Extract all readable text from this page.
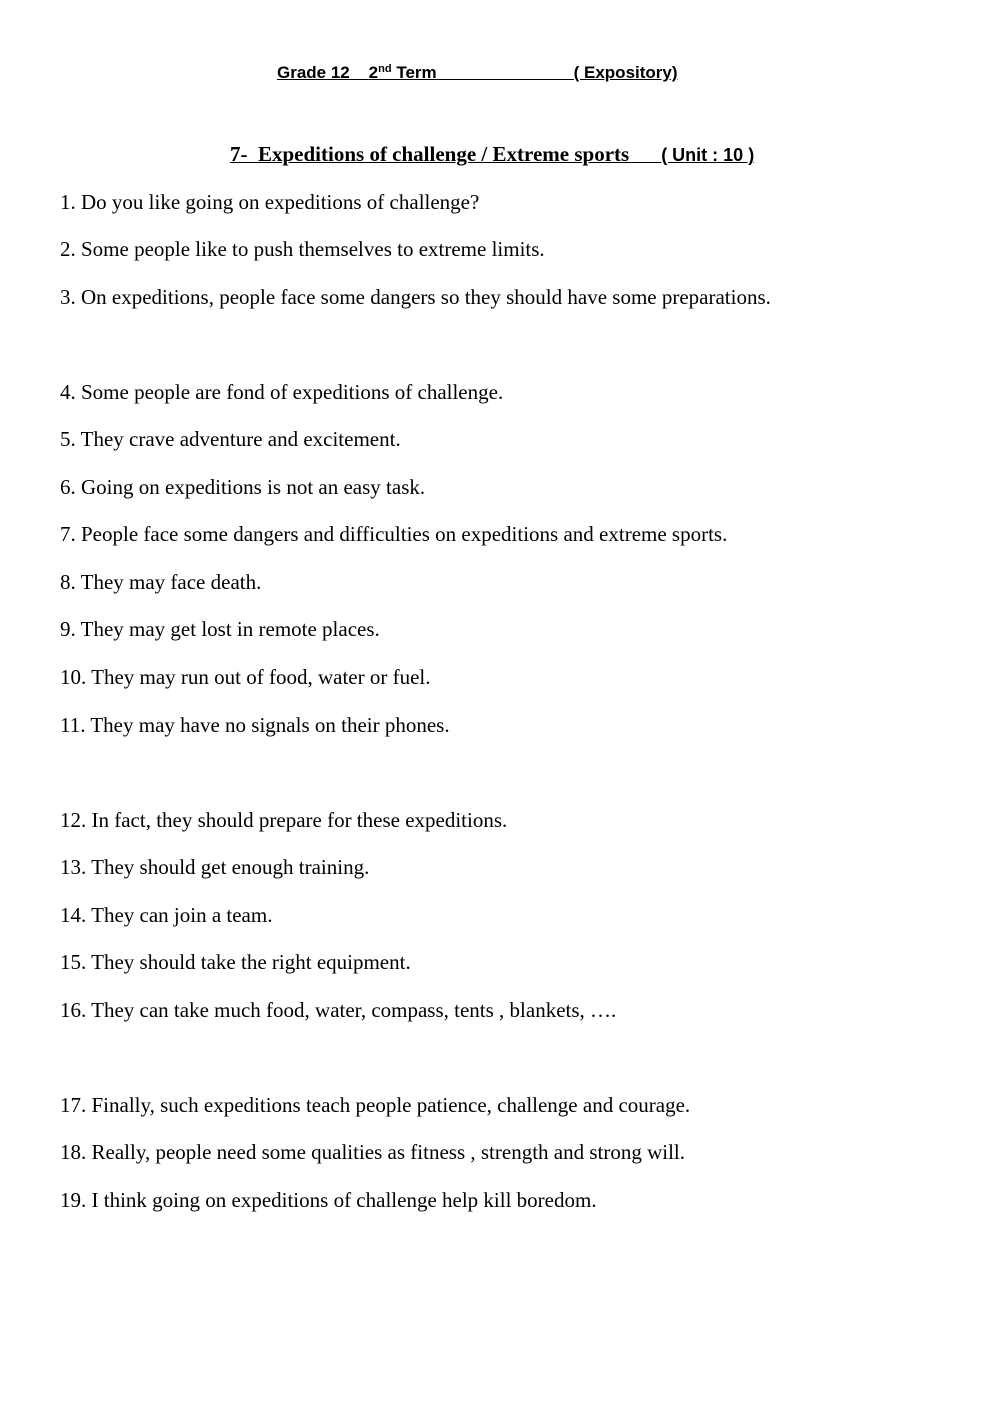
Grade 12 2nd Term	( Expository)
7-  Expeditions of challenge / Extreme sports ( Unit : 10 )
1. Do you like going on expeditions of challenge?
2. Some people like to push themselves to extreme limits.
3. On expeditions, people face some dangers so they should have some preparations.
4. Some people are fond of expeditions of challenge.
5. They crave adventure and excitement.
6. Going on expeditions is not an easy task.
7. People face some dangers and difficulties on expeditions and extreme sports.
8. They may face death.
9. They may get lost in remote places.
10. They may run out of food, water or fuel.
11. They may have no signals on their phones.
12. In fact, they should prepare for these expeditions.
13. They should get enough training.
14. They can join a team.
15. They should take the right equipment.
16. They can take much food, water, compass, tents , blankets, ….
17. Finally, such expeditions teach people patience, challenge and courage.
18. Really, people need some qualities as fitness , strength and strong will.
19. I think going on expeditions of challenge help kill boredom.
